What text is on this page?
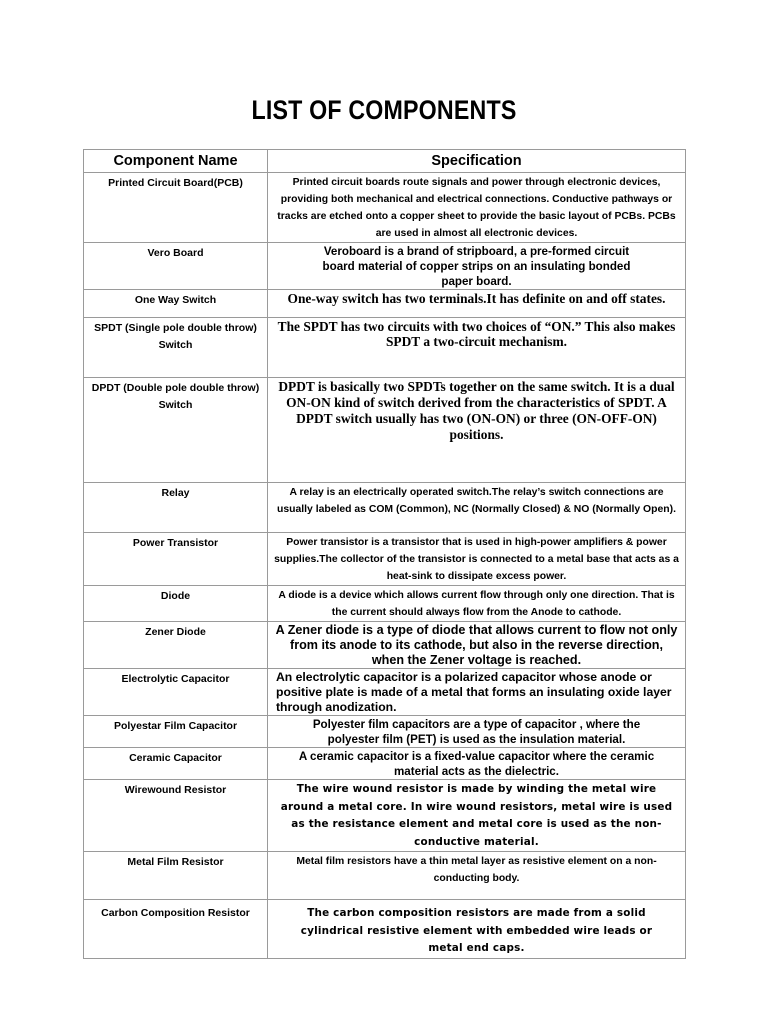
LIST OF COMPONENTS
Component Name	Specification
Printed Circuit Board(PCB)	Printed circuit boards route signals and power through electronic devices, providing both mechanical and electrical connections. Conductive pathways or tracks are etched onto a copper sheet to provide the basic layout of PCBs. PCBs are used in almost all electronic devices.
Vero Board	Veroboard is a brand of stripboard, a pre-formed circuit board material of copper strips on an insulating bonded paper board.
One Way Switch	One-way switch has two terminals.It has definite on and off states.
SPDT (Single pole double throw) Switch	The SPDT has two circuits with two choices of “ON.” This also makes SPDT a two-circuit mechanism.
DPDT (Double pole double throw) Switch	DPDT is basically two SPDTs together on the same switch. It is a dual ON-ON kind of switch derived from the characteristics of SPDT. A DPDT switch usually has two (ON-ON) or three (ON-OFF-ON) positions.
Relay	A relay is an electrically operated switch.The relay’s switch connections are usually labeled as COM (Common), NC (Normally Closed) & NO (Normally Open).
Power Transistor	Power transistor is a transistor that is used in high-power amplifiers & power supplies.The collector of the transistor is connected to a metal base that acts as a heat-sink to dissipate excess power.
Diode	A diode is a device which allows current flow through only one direction. That is the current should always flow from the Anode to cathode.
Zener Diode	A Zener diode is a type of diode that allows current to flow not only from its anode to its cathode, but also in the reverse direction, when the Zener voltage is reached.
Electrolytic Capacitor	An electrolytic capacitor is a polarized capacitor whose anode or positive plate is made of a metal that forms an insulating oxide layer through anodization.
Polyestar Film Capacitor	Polyester film capacitors are a type of capacitor , where the polyester film (PET) is used as the insulation material.
Ceramic Capacitor	A ceramic capacitor is a fixed-value capacitor where the ceramic material acts as the dielectric.
Wirewound Resistor	The wire wound resistor is made by winding the metal wire around a metal core. In wire wound resistors, metal wire is used as the resistance element and metal core is used as the non-conductive material.
Metal Film Resistor	Metal film resistors have a thin metal layer as resistive element on a non-conducting body.
Carbon Composition Resistor	The carbon composition resistors are made from a solid cylindrical resistive element with embedded wire leads or metal end caps.
